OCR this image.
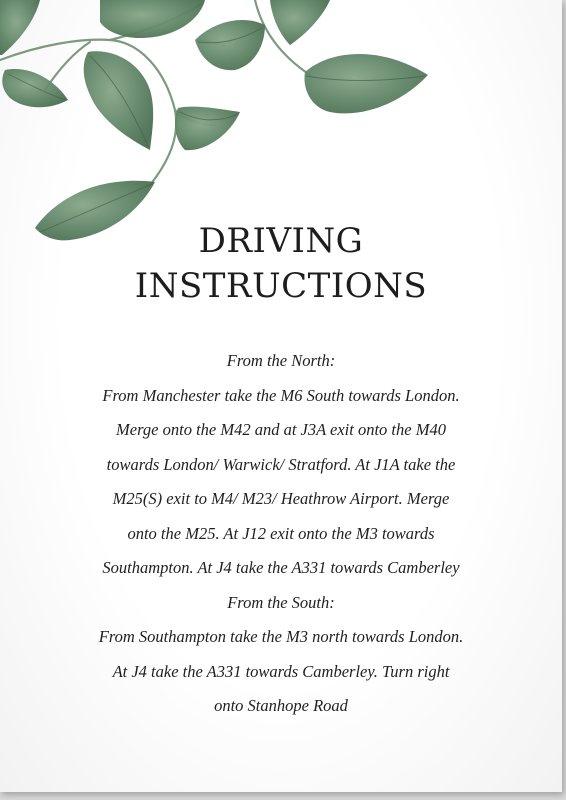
DRIVING
INSTRUCTIONS
From the North:
From Manchester take the M6 South towards London.
Merge onto the M42 and at J3A exit onto the M40
towards London/ Warwick/ Stratford. At J1A take the
M25(S) exit to M4/ M23/ Heathrow Airport. Merge
onto the M25. At J12 exit onto the M3 towards
Southampton. At J4 take the A331 towards Camberley
From the South:
From Southampton take the M3 north towards London.
At J4 take the A331 towards Camberley. Turn right
onto Stanhope Road
